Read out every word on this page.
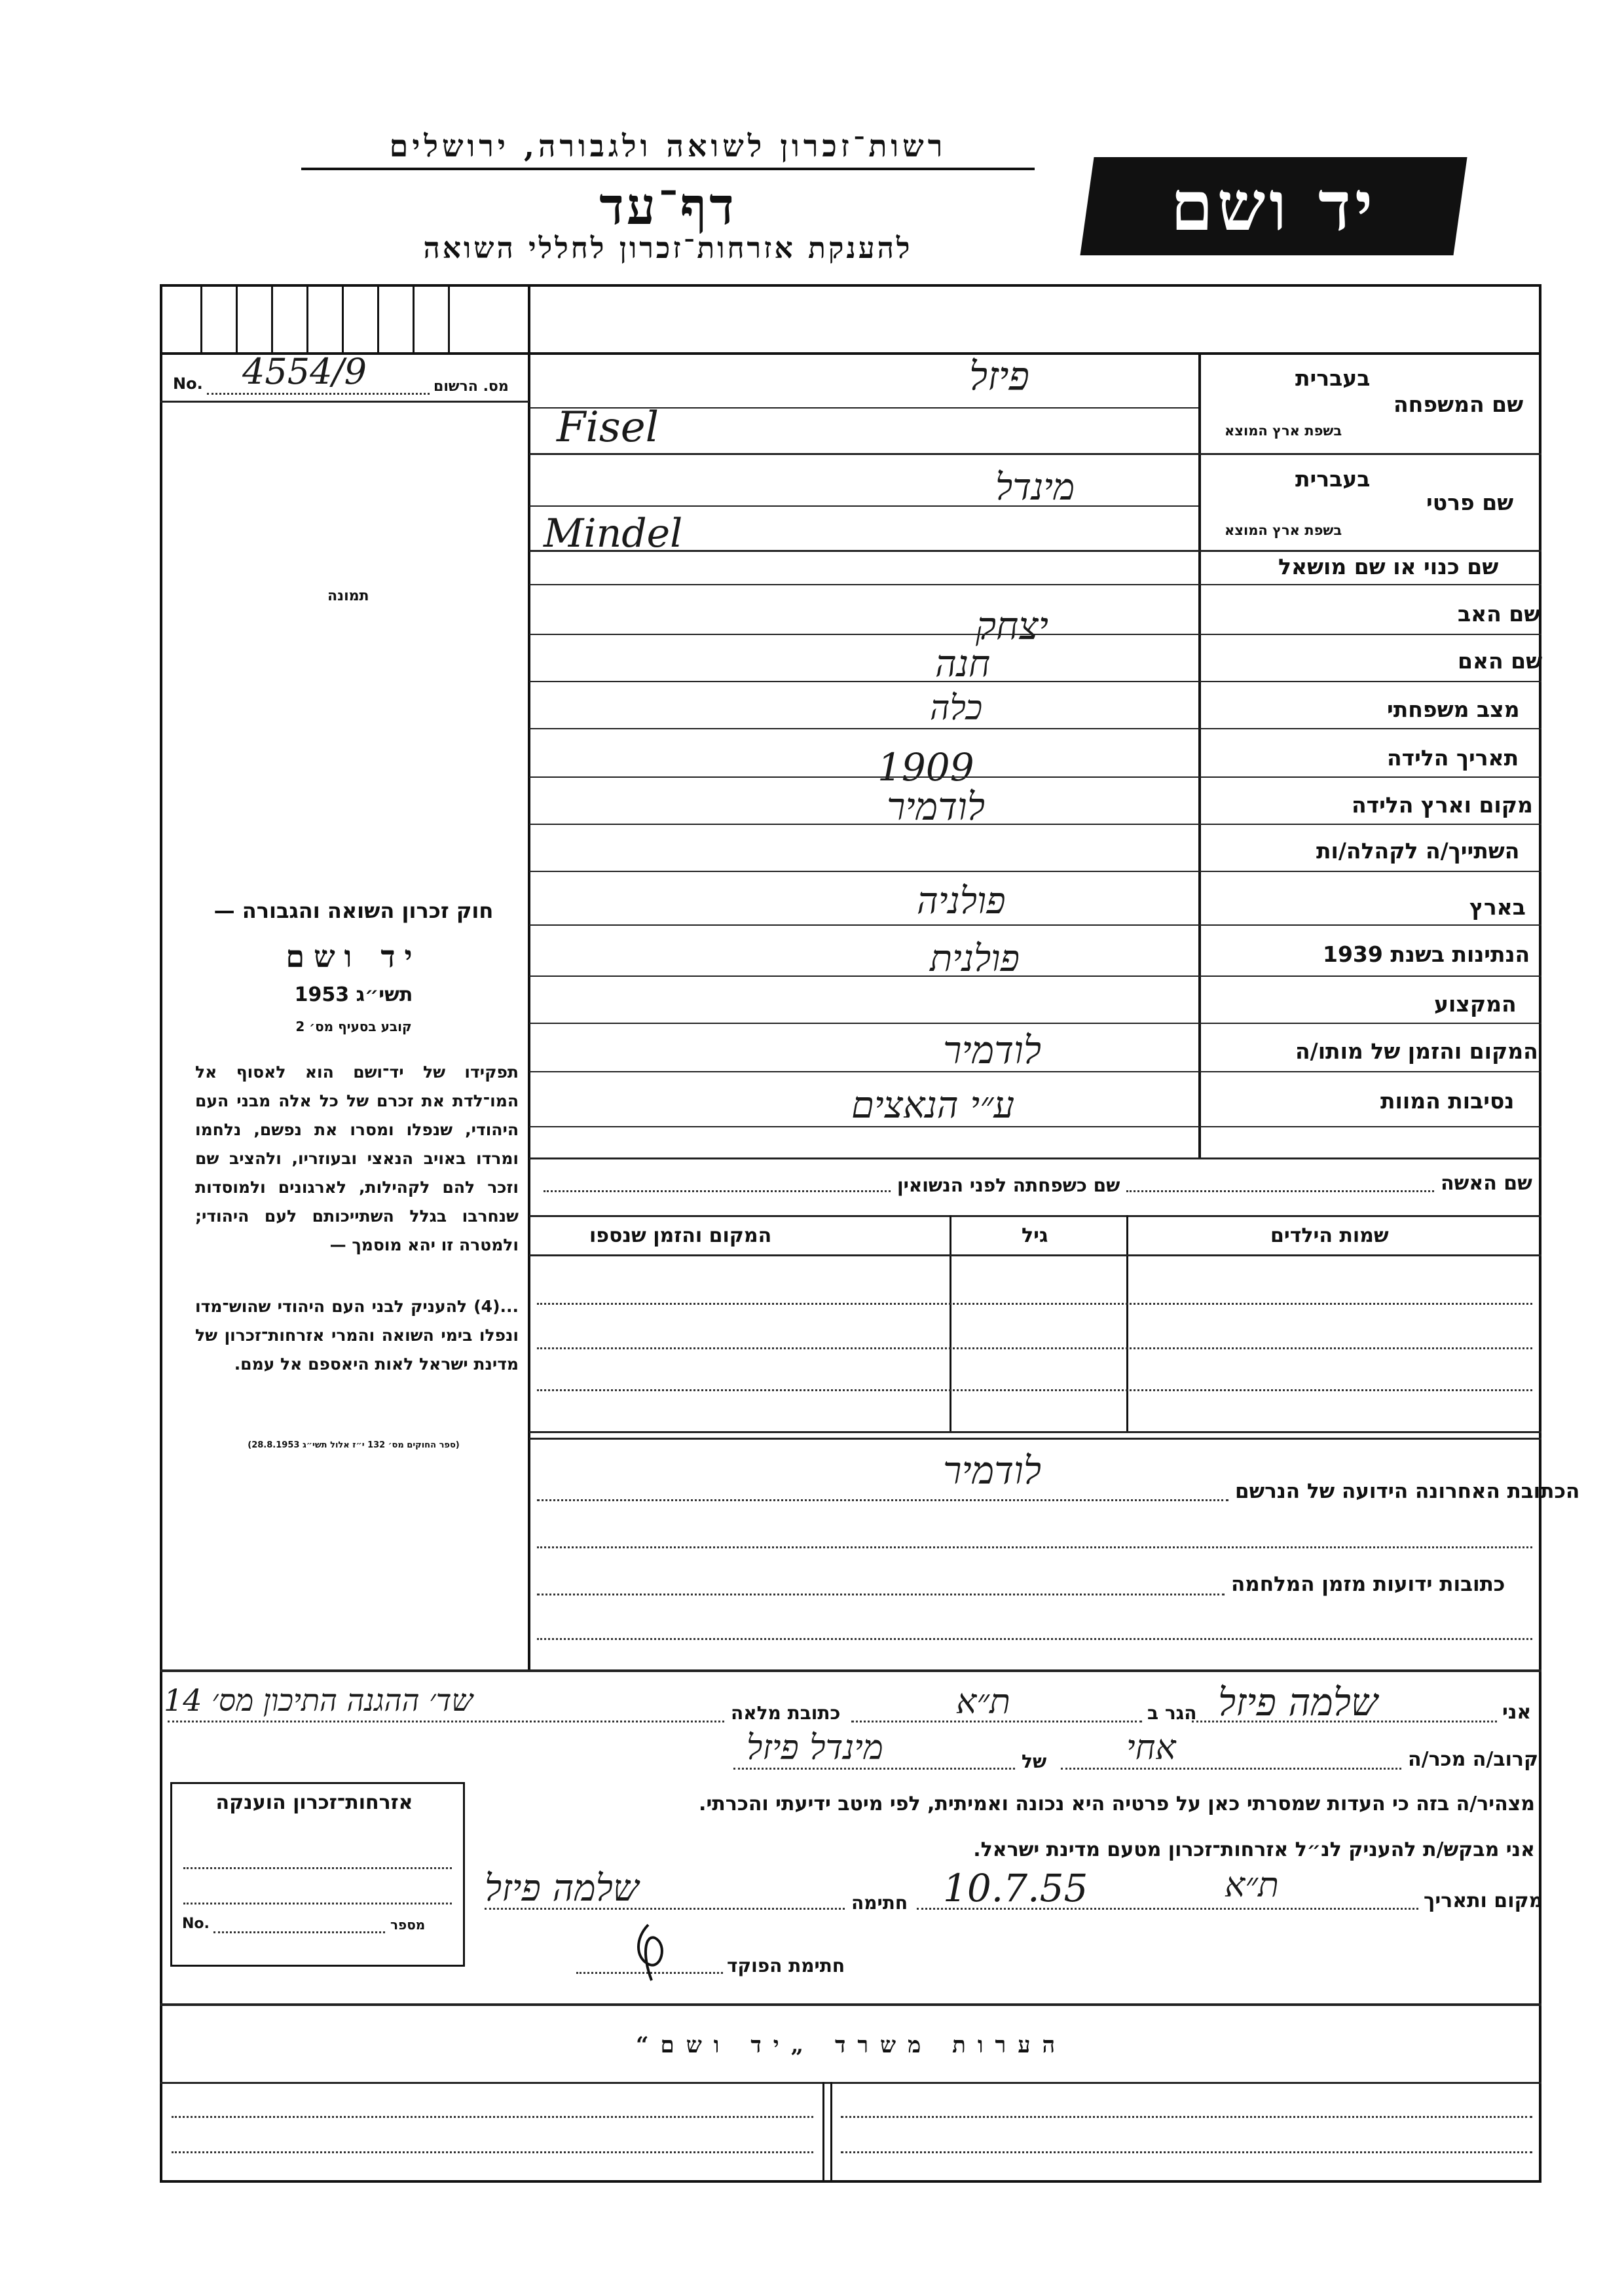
רשות־זכרון לשואה ולגבורה, ירושלים
דף־עד
להענקת אזרחות־זכרון לחללי השואה
יד ושם
No. 4554/9	מס. הרשום
תמונה
בעברית
שם המשפחה
בשפת ארץ המוצא
פיזל
Fisel
בעברית
שם פרטי
בשפת ארץ המוצא
מינדל
Mindel
שם כנוי או שם מושאל
שם האב
יצחק
שם האם
חנה
מצב משפחתי
כלה
תאריך הלידה
1909
מקום וארץ הלידה
לודמיר
השתייך/ה לקהלה/ות
בארץ
פולניה
הנתינות בשנת 1939
פולנית
המקצוע
המקום והזמן של מותו/ה
לודמיר
נסיבות המוות
ע״י הנאצים
שם האשה
שם כשפחתה לפני הנשואין
שמות הילדים
גיל
המקום והזמן שנספו
חוק זכרון השואה והגבורה —
יד ושם
תשי״ג 1953
קובע בסעיף מס׳ 2
תפקידו של יד־ושם הוא לאסוף אל המו־לדת את זכרם של כל אלה מבני העם היהודי, שנפלו ומסרו את נפשם, נלחמו ומרדו באויב הנאצי ובעוזריו, ולהציב שם וזכר להם לקהילות, לארגונים ולמוסדות שנחרבו בגלל השתייכותם לעם היהודי; ולמטרה זו יהא מוסמך —
...(4) להעניק לבני העם היהודי שהוש־מדו ונפלו בימי השואה והמרי אזרחות־זכרון של מדינת ישראל לאות היאספם אל עמם.
(ספר החוקים מס׳ 132 י״ז אלול תשי״ג 28.8.1953)
הכתובת האחרונה הידועה של הנרשם
לודמיר
כתובות ידועות מזמן המלחמה
אני
שלמה פיזל
הגר ב
ת״א
כתובת מלאה
שד׳ ההגנה התיכון מס׳ 14
קרוב/ה מכר/ה
אחי
של
מינדל פיזל
מצהיר/ה בזה כי העדות שמסרתי כאן על פרטיה היא נכונה ואמיתית, לפי מיטב ידיעתי והכרתי.
אני מבקש/ת להעניק לנ״ל אזרחות־זכרון מטעם מדינת ישראל.
מקום ותאריך
ת״א
10.7.55
חתימה
שלמה פיזל
חתימת הפוקד
אזרחות־זכרון הוענקה
No.	מספר
הערות משרד „יד ושם“
